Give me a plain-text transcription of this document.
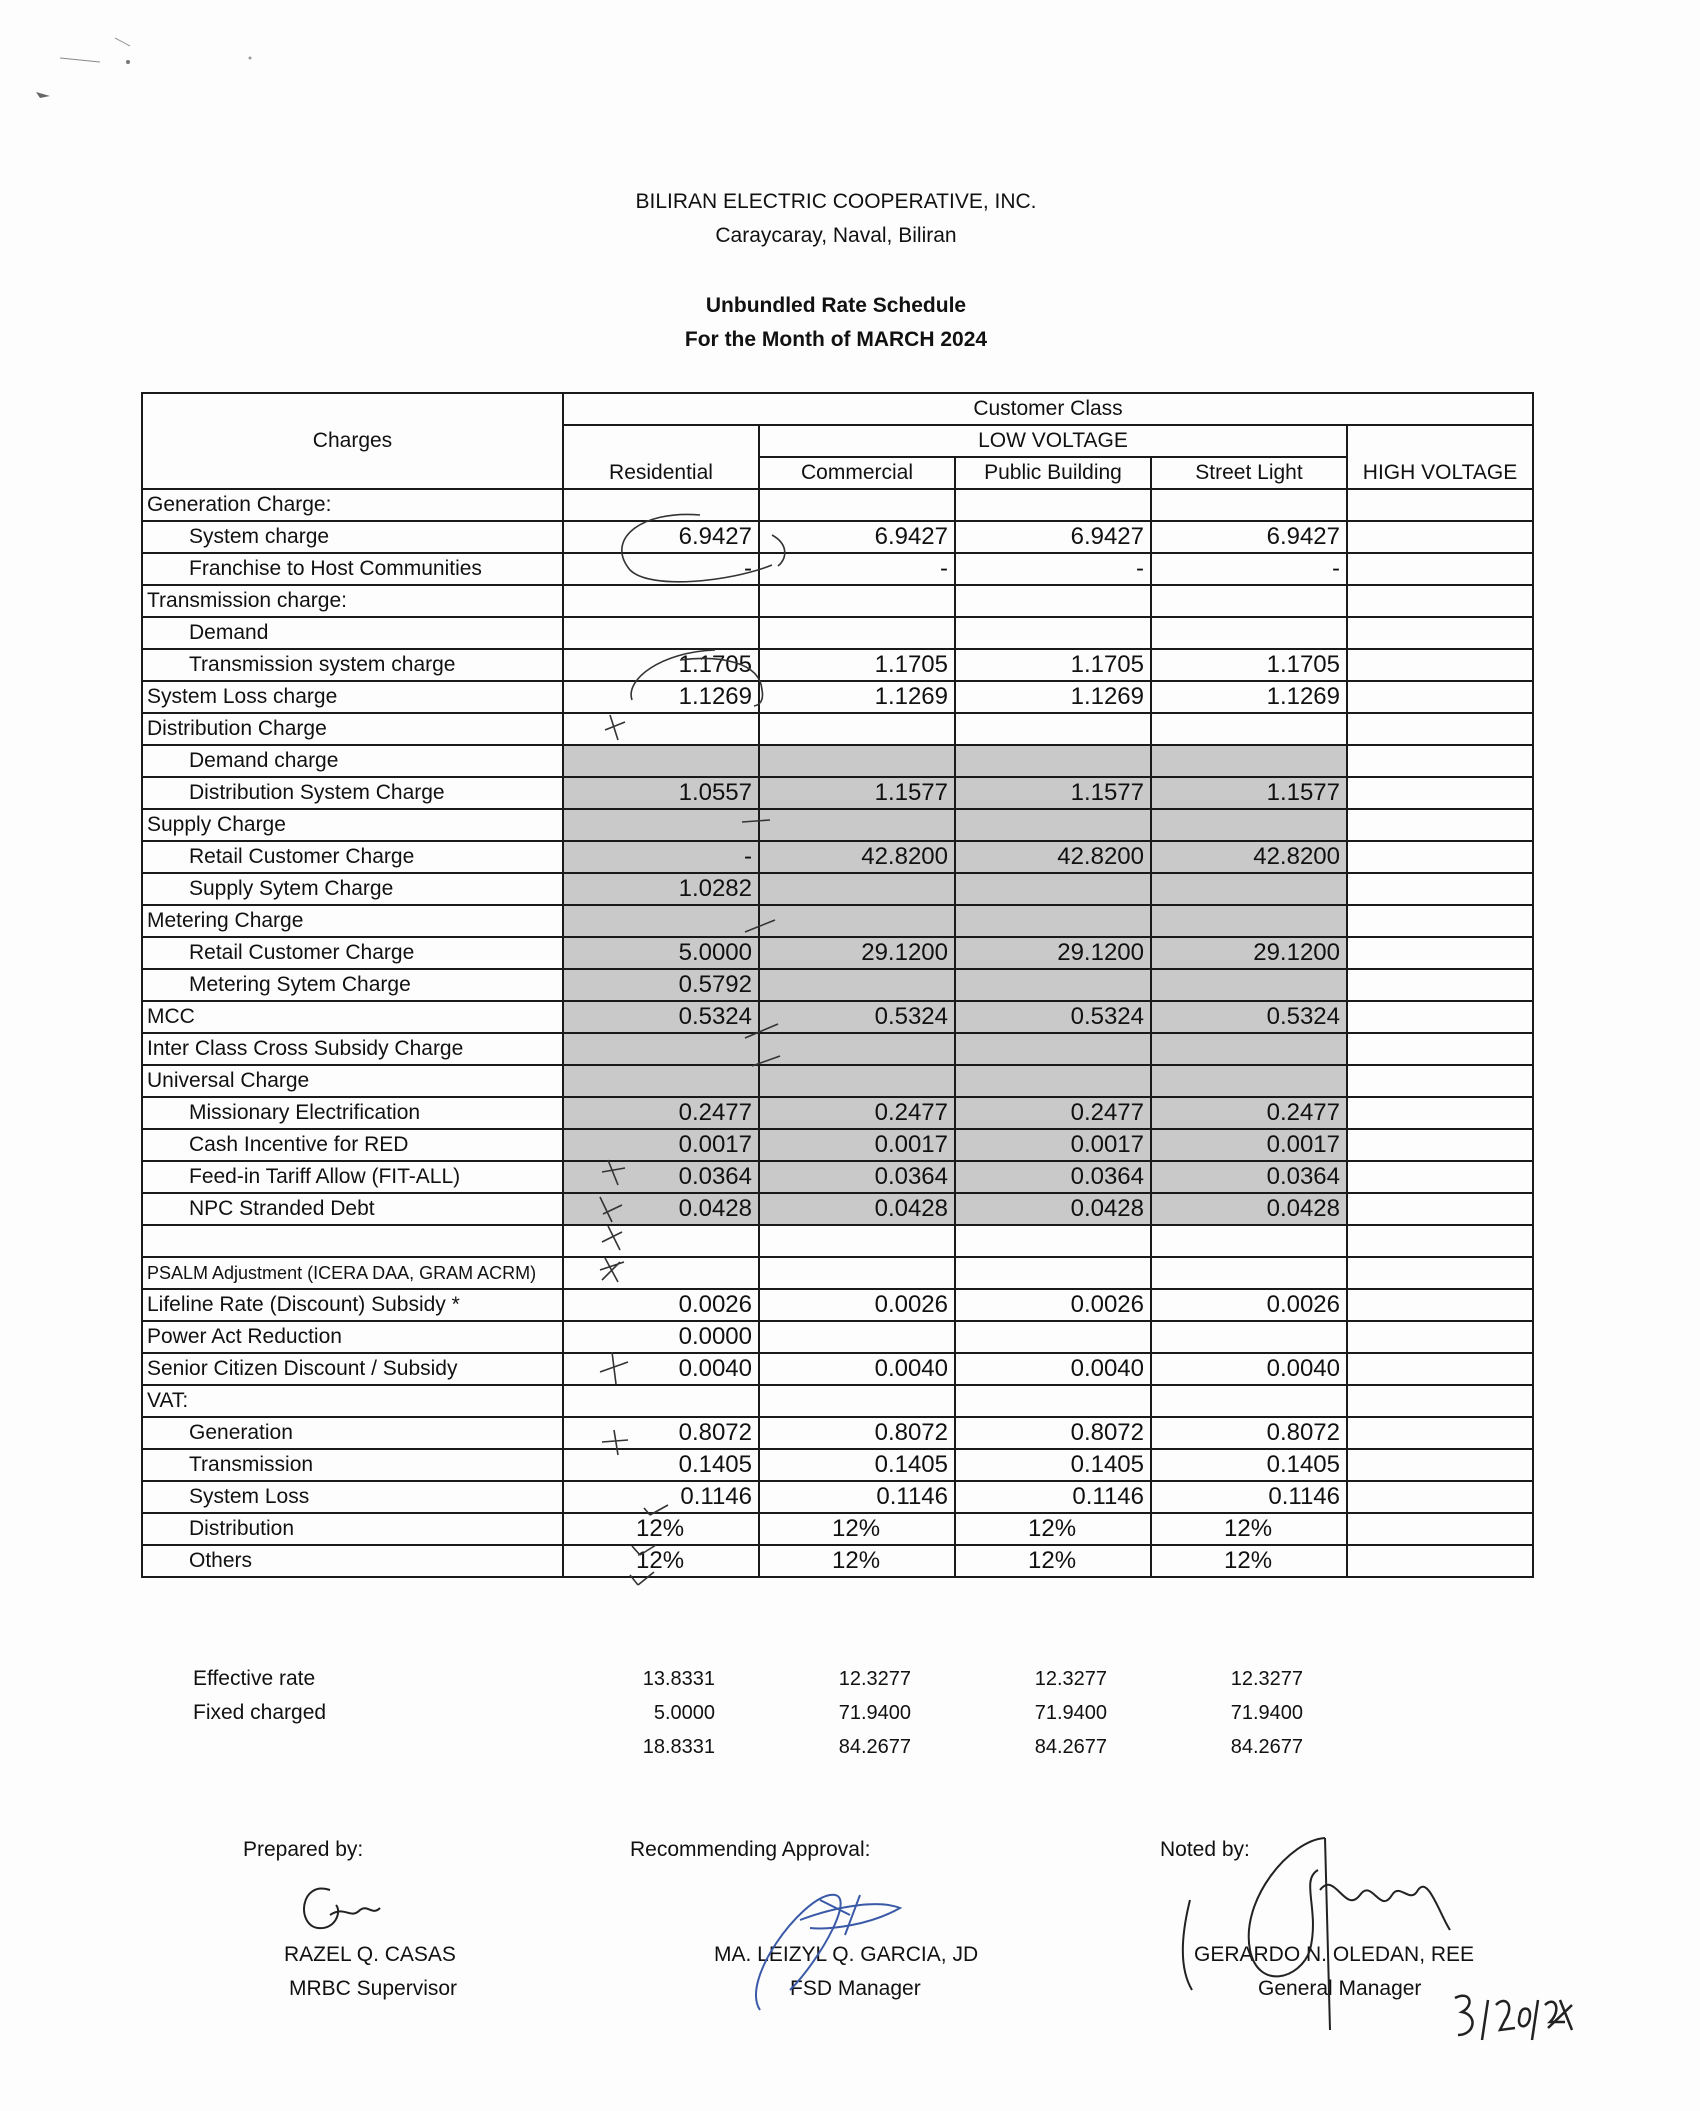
BILIRAN ELECTRIC COOPERATIVE, INC.
Caraycaray, Naval, Biliran
Unbundled Rate Schedule
For the Month of MARCH 2024
Charges	Customer Class				
		LOW VOLTAGE			
	Residential	Commercial	Public Building	Street Light	HIGH VOLTAGE
Generation Charge:					
System charge	6.9427	6.9427	6.9427	6.9427	
Franchise to Host Communities	-	-	-	-	
Transmission charge:					
Demand					
Transmission system charge	1.1705	1.1705	1.1705	1.1705	
System Loss charge	1.1269	1.1269	1.1269	1.1269	
Distribution Charge					
Demand charge					
Distribution System Charge	1.0557	1.1577	1.1577	1.1577	
Supply Charge					
Retail Customer Charge	-	42.8200	42.8200	42.8200	
Supply Sytem Charge	1.0282				
Metering Charge					
Retail Customer Charge	5.0000	29.1200	29.1200	29.1200	
Metering Sytem Charge	0.5792				
MCC	0.5324	0.5324	0.5324	0.5324	
Inter Class Cross Subsidy Charge					
Universal Charge					
Missionary Electrification	0.2477	0.2477	0.2477	0.2477	
Cash Incentive for RED	0.0017	0.0017	0.0017	0.0017	
Feed-in Tariff Allow (FIT-ALL)	0.0364	0.0364	0.0364	0.0364	
NPC Stranded Debt	0.0428	0.0428	0.0428	0.0428	

PSALM Adjustment (ICERA DAA, GRAM ACRM)					
Lifeline Rate (Discount) Subsidy *	0.0026	0.0026	0.0026	0.0026	
Power Act Reduction	0.0000				
Senior Citizen Discount / Subsidy	0.0040	0.0040	0.0040	0.0040	
VAT:					
Generation	0.8072	0.8072	0.8072	0.8072	
Transmission	0.1405	0.1405	0.1405	0.1405	
System Loss	0.1146	0.1146	0.1146	0.1146	
Distribution	12%	12%	12%	12%	
Others	12%	12%	12%	12%	
Effective rate	13.8331	12.3277	12.3277	12.3277
Fixed charged	5.0000	71.9400	71.9400	71.9400
18.8331	84.2677	84.2677	84.2677
Prepared by:
RAZEL Q. CASAS
MRBC Supervisor
Recommending Approval:
MA. LEIZYL Q. GARCIA, JD
FSD Manager
Noted by:
GERARDO N. OLEDAN, REE
General Manager
